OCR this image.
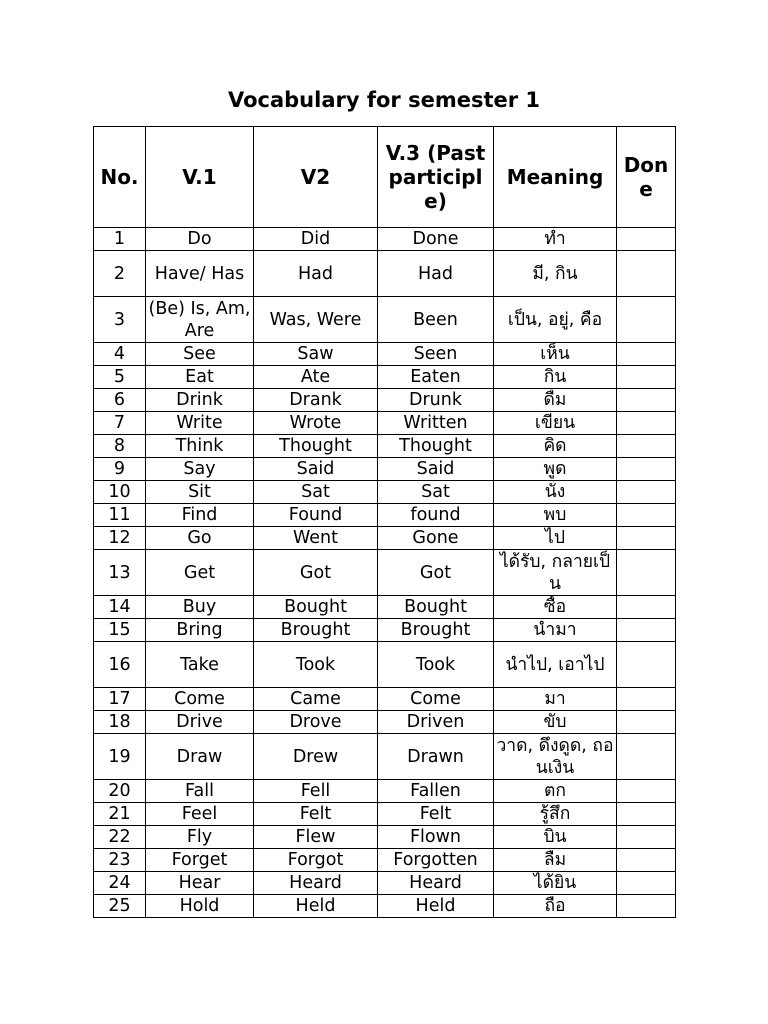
Vocabulary for semester 1
No.	V.1	V2	V.3 (Past participle)	Meaning	Done
1	Do	Did	Done	ทำ	
2	Have/ Has	Had	Had	มี, กิน	
3	(Be) Is, Am, Are	Was, Were	Been	เป็น, อยู่, คือ	
4	See	Saw	Seen	เห็น	
5	Eat	Ate	Eaten	กิน	
6	Drink	Drank	Drunk	ดื่ม	
7	Write	Wrote	Written	เขียน	
8	Think	Thought	Thought	คิด	
9	Say	Said	Said	พูด	
10	Sit	Sat	Sat	นั่ง	
11	Find	Found	found	พบ	
12	Go	Went	Gone	ไป	
13	Get	Got	Got	ได้รับ, กลายเป็น	
14	Buy	Bought	Bought	ซื้อ	
15	Bring	Brought	Brought	นำมา	
16	Take	Took	Took	นำไป, เอาไป	
17	Come	Came	Come	มา	
18	Drive	Drove	Driven	ขับ	
19	Draw	Drew	Drawn	วาด, ดึงดูด, ถอนเงิน	
20	Fall	Fell	Fallen	ตก	
21	Feel	Felt	Felt	รู้สึก	
22	Fly	Flew	Flown	บิน	
23	Forget	Forgot	Forgotten	ลืม	
24	Hear	Heard	Heard	ได้ยิน	
25	Hold	Held	Held	ถือ	
